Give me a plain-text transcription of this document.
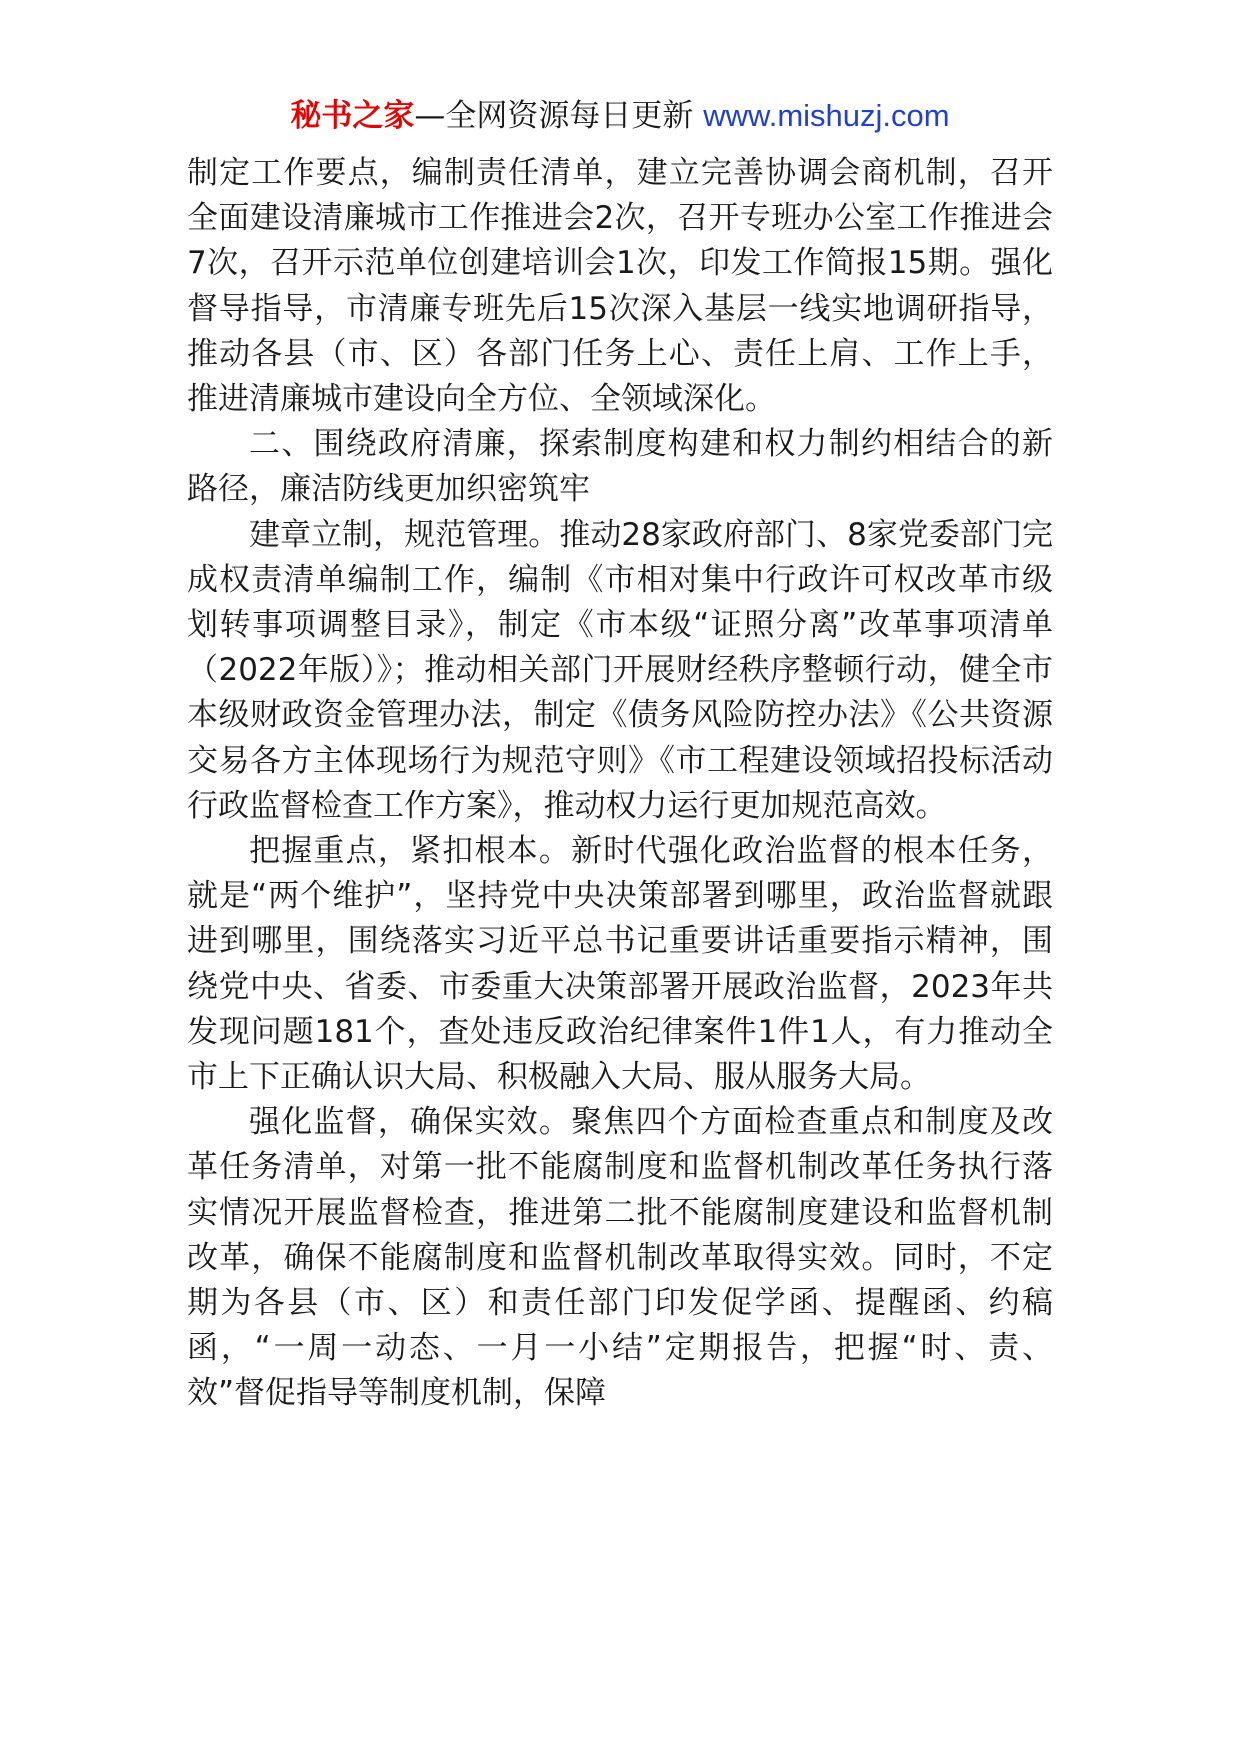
秘书之家—全网资源每日更新 www.mishuzj.com

制定工作要点，编制责任清单，建立完善协调会商机制，召开全面建设清廉城市工作推进会2次，召开专班办公室工作推进会7次，召开示范单位创建培训会1次，印发工作简报15期。强化督导指导，市清廉专班先后15次深入基层一线实地调研指导，推动各县（市、区）各部门任务上心、责任上肩、工作上手，推进清廉城市建设向全方位、全领域深化。

二、围绕政府清廉，探索制度构建和权力制约相结合的新路径，廉洁防线更加织密筑牢

建章立制，规范管理。推动28家政府部门、8家党委部门完成权责清单编制工作，编制《市相对集中行政许可权改革市级划转事项调整目录》，制定《市本级“证照分离”改革事项清单（2022年版）》；推动相关部门开展财经秩序整顿行动，健全市本级财政资金管理办法，制定《债务风险防控办法》《公共资源交易各方主体现场行为规范守则》《市工程建设领域招投标活动行政监督检查工作方案》，推动权力运行更加规范高效。

把握重点，紧扣根本。新时代强化政治监督的根本任务，就是“两个维护”，坚持党中央决策部署到哪里，政治监督就跟进到哪里，围绕落实习近平总书记重要讲话重要指示精神，围绕党中央、省委、市委重大决策部署开展政治监督，2023年共发现问题181个，查处违反政治纪律案件1件1人，有力推动全市上下正确认识大局、积极融入大局、服从服务大局。

强化监督，确保实效。聚焦四个方面检查重点和制度及改革任务清单，对第一批不能腐制度和监督机制改革任务执行落实情况开展监督检查，推进第二批不能腐制度建设和监督机制改革，确保不能腐制度和监督机制改革取得实效。同时，不定期为各县（市、区）和责任部门印发促学函、提醒函、约稿函，“一周一动态、一月一小结”定期报告，把握“时、责、效”督促指导等制度机制，保障
